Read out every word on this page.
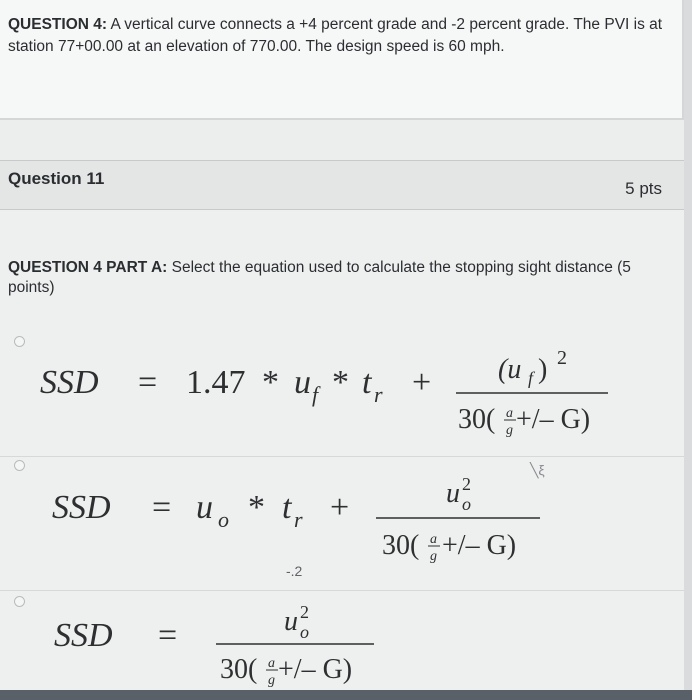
QUESTION 4: A vertical curve connects a +4 percent grade and -2 percent grade. The PVI is at station 77+00.00 at an elevation of 770.00. The design speed is 60 mph.

Question 11
5 pts
QUESTION 4 PART A: Select the equation used to calculate the stopping sight distance (5 points)
SSD = 1.47 * u f * t r + (u f ) 2
30( a
g +/– G)
╲ξ
SSD = u o * t r +	u 2
o
30( a
g +/– G)
-.2
SSD =	u 2
o
30( a
g +/– G)
